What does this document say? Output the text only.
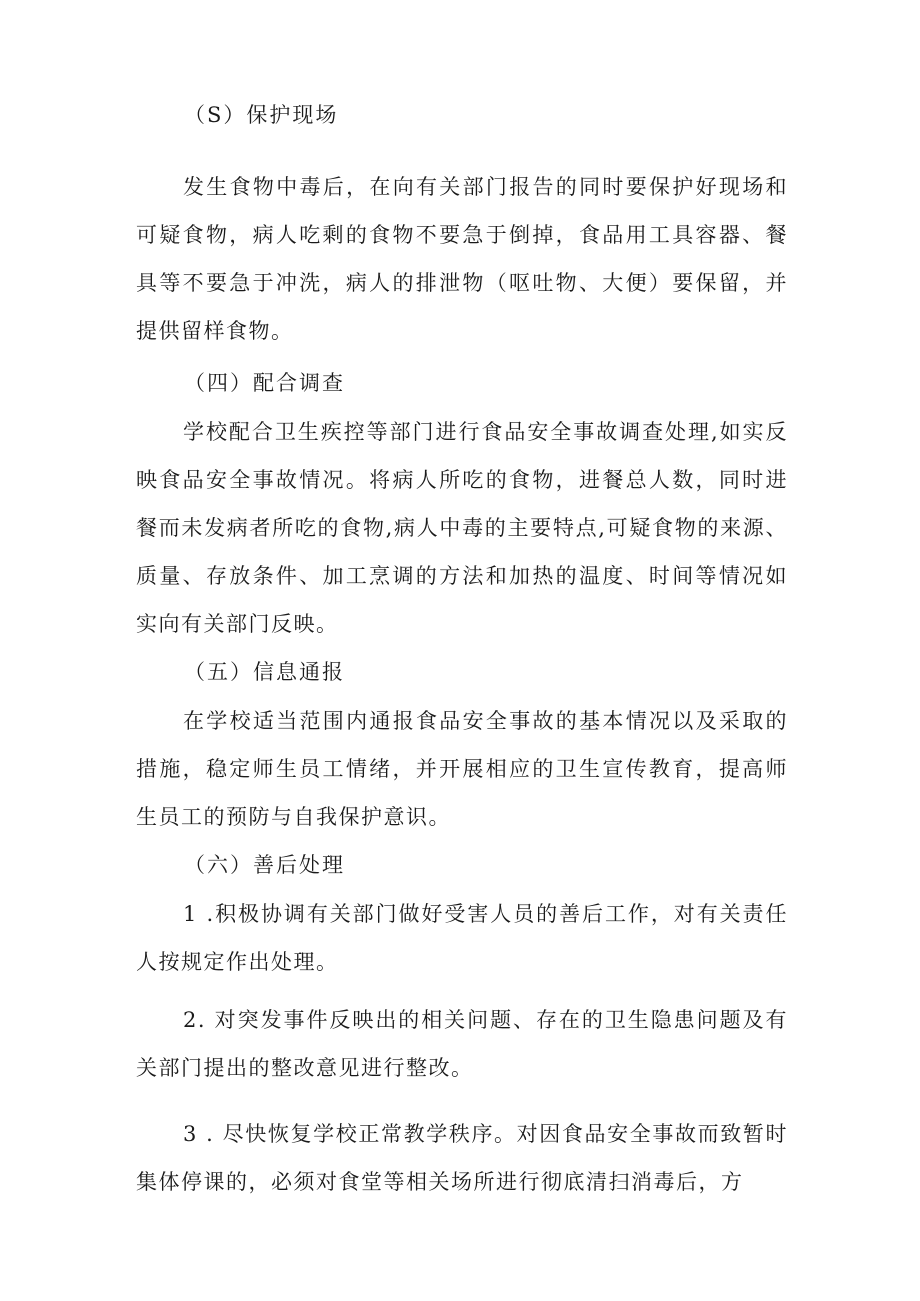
（S）保护现场
发生食物中毒后，在向有关部门报告的同时要保护好现场和可疑食物，病人吃剩的食物不要急于倒掉，食品用工具容器、餐具等不要急于冲洗，病人的排泄物（呕吐物、大便）要保留，并提供留样食物。
（四）配合调查
学校配合卫生疾控等部门进行食品安全事故调查处理,如实反映食品安全事故情况。将病人所吃的食物，进餐总人数，同时进餐而未发病者所吃的食物,病人中毒的主要特点,可疑食物的来源、质量、存放条件、加工烹调的方法和加热的温度、时间等情况如实向有关部门反映。
（五）信息通报
在学校适当范围内通报食品安全事故的基本情况以及采取的措施，稳定师生员工情绪，并开展相应的卫生宣传教育，提高师生员工的预防与自我保护意识。
（六）善后处理
1 .积极协调有关部门做好受害人员的善后工作，对有关责任人按规定作出处理。
2. 对突发事件反映出的相关问题、存在的卫生隐患问题及有关部门提出的整改意见进行整改。
3 . 尽快恢复学校正常教学秩序。对因食品安全事故而致暂时集体停课的，必须对食堂等相关场所进行彻底清扫消毒后，方
